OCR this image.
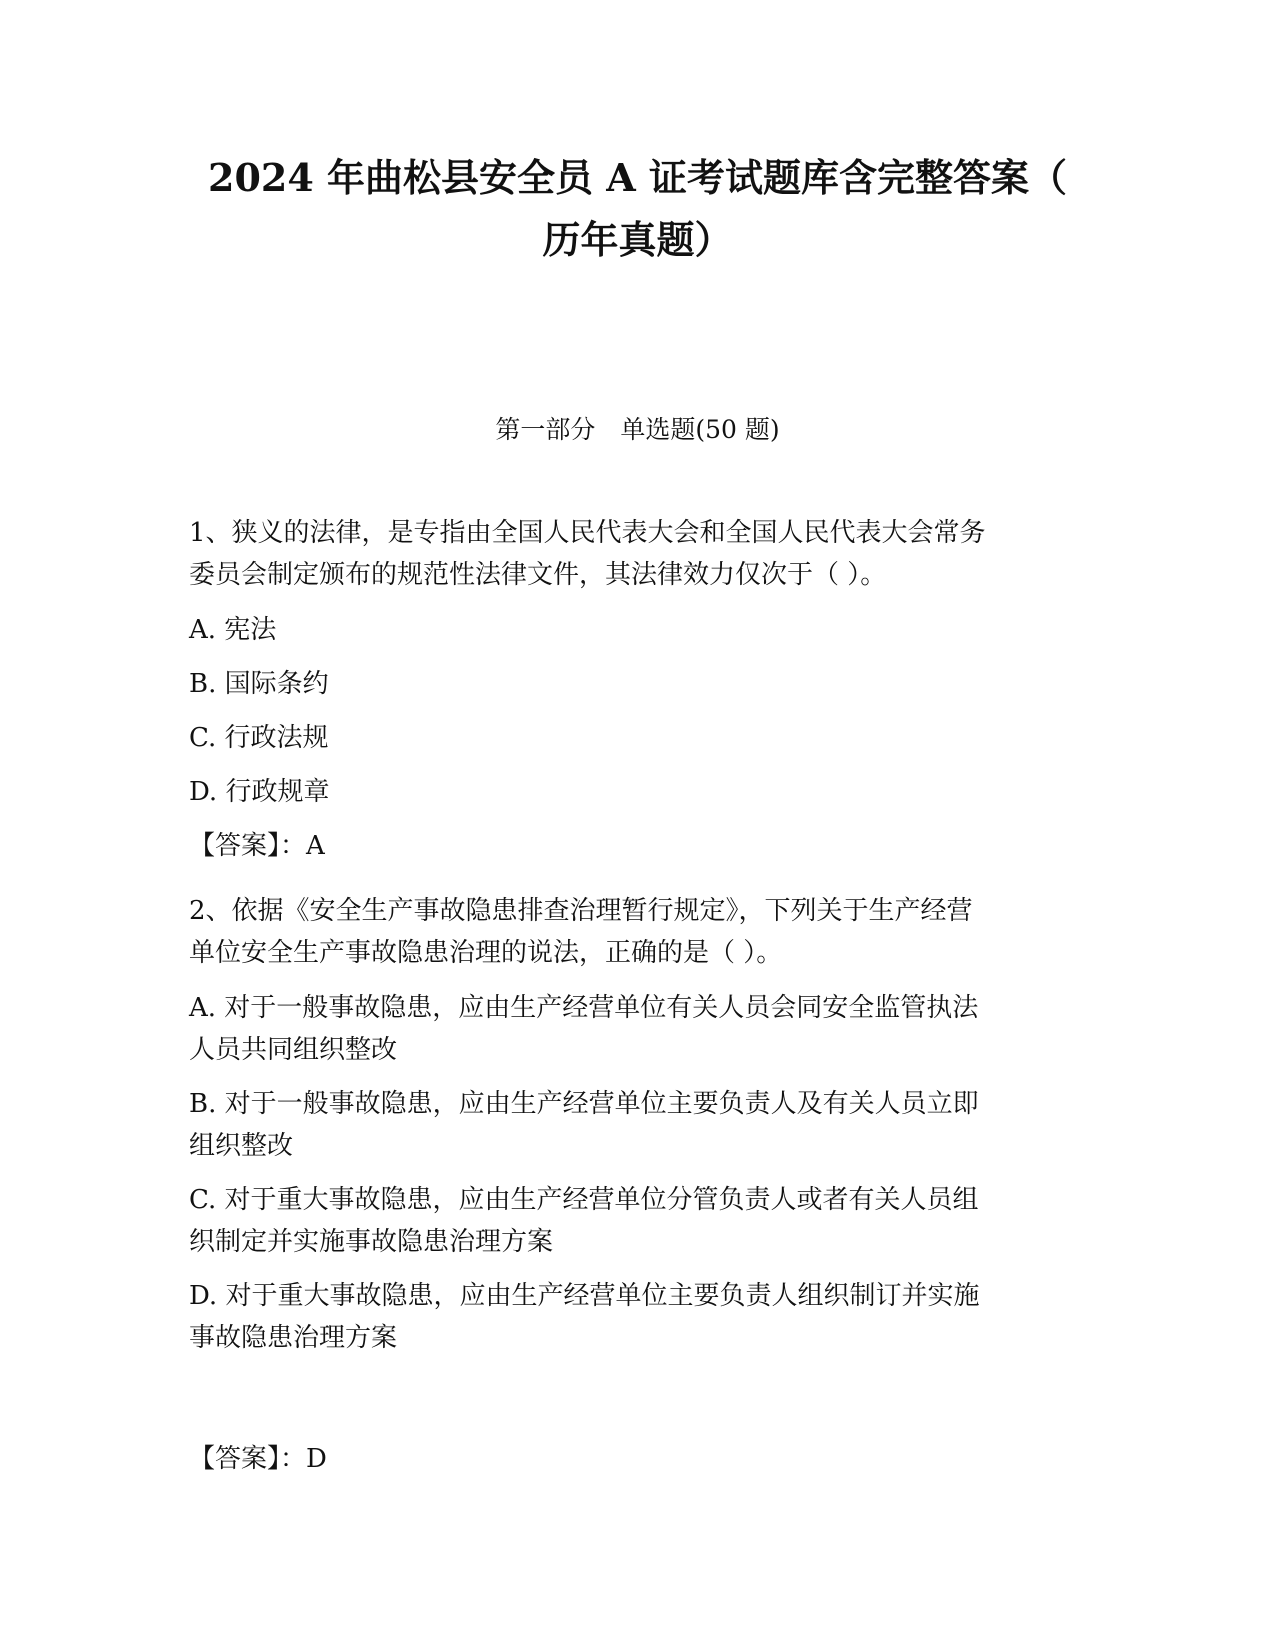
2024 年曲松县安全员 A 证考试题库含完整答案（
历年真题）
第一部分　单选题(50 题)
1、狭义的法律，是专指由全国人民代表大会和全国人民代表大会常务
委员会制定颁布的规范性法律文件，其法律效力仅次于（ ）。
A. 宪法
B. 国际条约
C. 行政法规
D. 行政规章
【答案】：A
2、依据《安全生产事故隐患排查治理暂行规定》，下列关于生产经营
单位安全生产事故隐患治理的说法，正确的是（ ）。
A. 对于一般事故隐患，应由生产经营单位有关人员会同安全监管执法
人员共同组织整改
B. 对于一般事故隐患，应由生产经营单位主要负责人及有关人员立即
组织整改
C. 对于重大事故隐患，应由生产经营单位分管负责人或者有关人员组
织制定并实施事故隐患治理方案
D. 对于重大事故隐患，应由生产经营单位主要负责人组织制订并实施
事故隐患治理方案
【答案】：D
